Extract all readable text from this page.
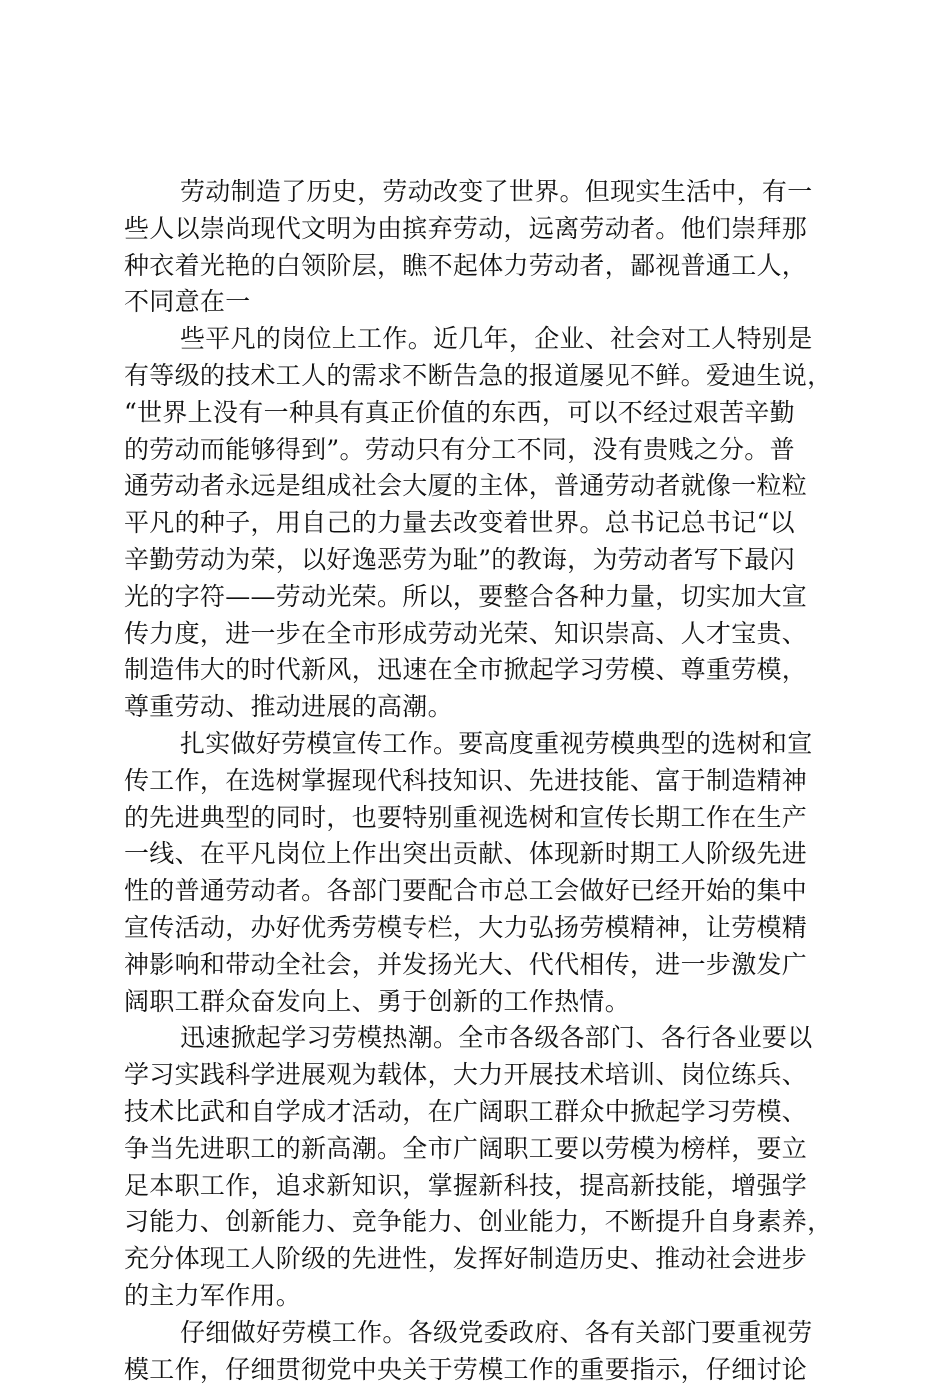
劳动制造了历史，劳动改变了世界。但现实生活中，有一
些人以崇尚现代文明为由摈弃劳动，远离劳动者。他们崇拜那
种衣着光艳的白领阶层，瞧不起体力劳动者，鄙视普通工人，
不同意在一
些平凡的岗位上工作。近几年，企业、社会对工人特别是
有等级的技术工人的需求不断告急的报道屡见不鲜。爱迪生说，
“世界上没有一种具有真正价值的东西，可以不经过艰苦辛勤
的劳动而能够得到”。劳动只有分工不同，没有贵贱之分。普
通劳动者永远是组成社会大厦的主体，普通劳动者就像一粒粒
平凡的种子，用自己的力量去改变着世界。总书记总书记“以
辛勤劳动为荣，以好逸恶劳为耻”的教诲，为劳动者写下最闪
光的字符——劳动光荣。所以，要整合各种力量，切实加大宣
传力度，进一步在全市形成劳动光荣、知识崇高、人才宝贵、
制造伟大的时代新风，迅速在全市掀起学习劳模、尊重劳模，
尊重劳动、推动进展的高潮。
扎实做好劳模宣传工作。要高度重视劳模典型的选树和宣
传工作，在选树掌握现代科技知识、先进技能、富于制造精神
的先进典型的同时，也要特别重视选树和宣传长期工作在生产
一线、在平凡岗位上作出突出贡献、体现新时期工人阶级先进
性的普通劳动者。各部门要配合市总工会做好已经开始的集中
宣传活动，办好优秀劳模专栏，大力弘扬劳模精神，让劳模精
神影响和带动全社会，并发扬光大、代代相传，进一步激发广
阔职工群众奋发向上、勇于创新的工作热情。
迅速掀起学习劳模热潮。全市各级各部门、各行各业要以
学习实践科学进展观为载体，大力开展技术培训、岗位练兵、
技术比武和自学成才活动，在广阔职工群众中掀起学习劳模、
争当先进职工的新高潮。全市广阔职工要以劳模为榜样，要立
足本职工作，追求新知识，掌握新科技，提高新技能，增强学
习能力、创新能力、竞争能力、创业能力，不断提升自身素养，
充分体现工人阶级的先进性，发挥好制造历史、推动社会进步
的主力军作用。
仔细做好劳模工作。各级党委政府、各有关部门要重视劳
模工作，仔细贯彻党中央关于劳模工作的重要指示，仔细讨论
